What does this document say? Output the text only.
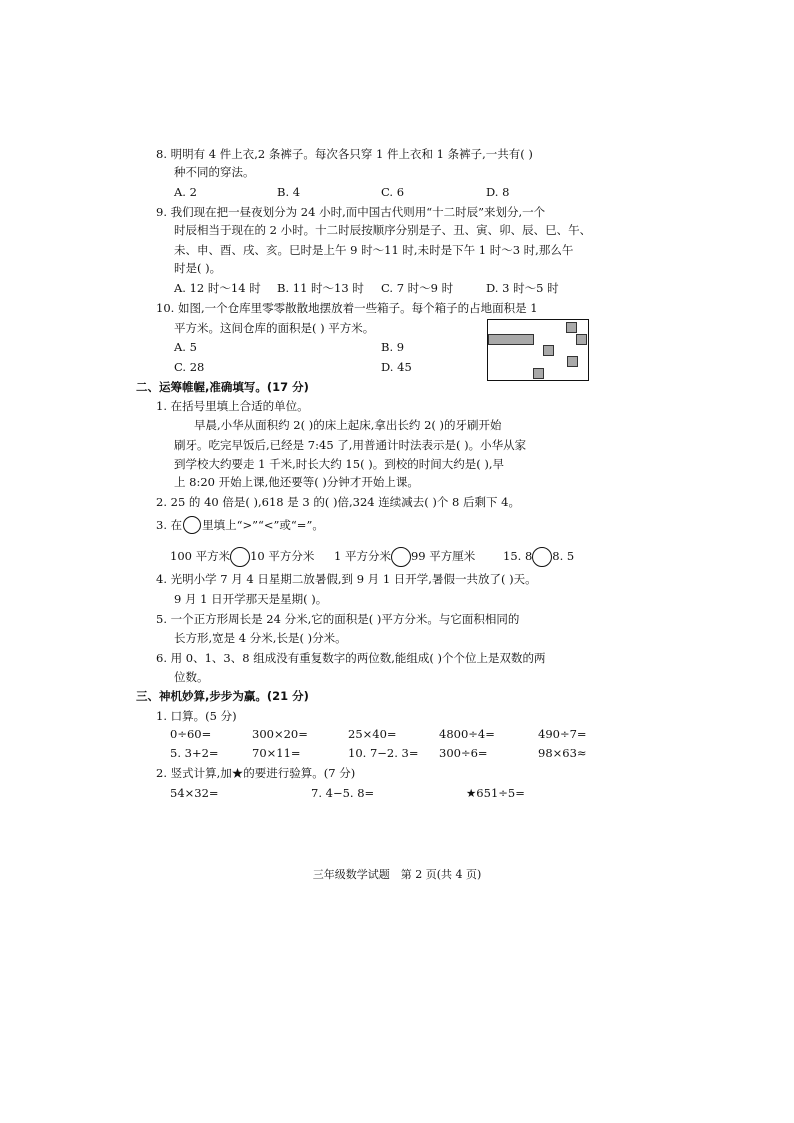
8. 明明有 4 件上衣,2 条裤子。每次各只穿 1 件上衣和 1 条裤子,一共有( )
种不同的穿法。
A. 2	B. 4	C. 6	D. 8
9. 我们现在把一昼夜划分为 24 小时,而中国古代则用“十二时辰”来划分,一个
时辰相当于现在的 2 小时。十二时辰按顺序分别是子、丑、寅、卯、辰、巳、午、
未、申、酉、戌、亥。巳时是上午 9 时～11 时,未时是下午 1 时～3 时,那么午
时是( )。
A. 12 时～14 时 B. 11 时～13 时 C. 7 时～9 时	D. 3 时～5 时
10. 如图,一个仓库里零零散散地摆放着一些箱子。每个箱子的占地面积是 1
平方米。这间仓库的面积是( ) 平方米。
A. 5	B. 9
C. 28	D. 45
二、运筹帷幄,准确填写。(17 分)
1. 在括号里填上合适的单位。
早晨,小华从面积约 2( )的床上起床,拿出长约 2( )的牙刷开始
刷牙。吃完早饭后,已经是 7:45 了,用普通计时法表示是( )。小华从家
到学校大约要走 1 千米,时长大约 15( )。到校的时间大约是( ),早
上 8:20 开始上课,他还要等( )分钟才开始上课。
2. 25 的 40 倍是( ),618 是 3 的( )倍,324 连续减去( )个 8 后剩下 4。
3. 在 里填上“>”“<”或“=”。
100 平方米 10 平方分米 1 平方分米 99 平方厘米 15. 8 8. 5
4. 光明小学 7 月 4 日星期二放暑假,到 9 月 1 日开学,暑假一共放了( )天。
9 月 1 日开学那天是星期( )。
5. 一个正方形周长是 24 分米,它的面积是( )平方分米。与它面积相同的
长方形,宽是 4 分米,长是( )分米。
6. 用 0、1、3、8 组成没有重复数字的两位数,能组成( )个个位上是双数的两
位数。
三、神机妙算,步步为赢。(21 分)
1. 口算。(5 分)
0÷60=	300×20=	25×40=	4800÷4=	490÷7=
5. 3+2=	70×11=	10. 7−2. 3= 300÷6=	98×63≈
2. 竖式计算,加★的要进行验算。(7 分)
54×32=	7. 4−5. 8=	★651÷5=
三年级数学试题　第 2 页(共 4 页)
